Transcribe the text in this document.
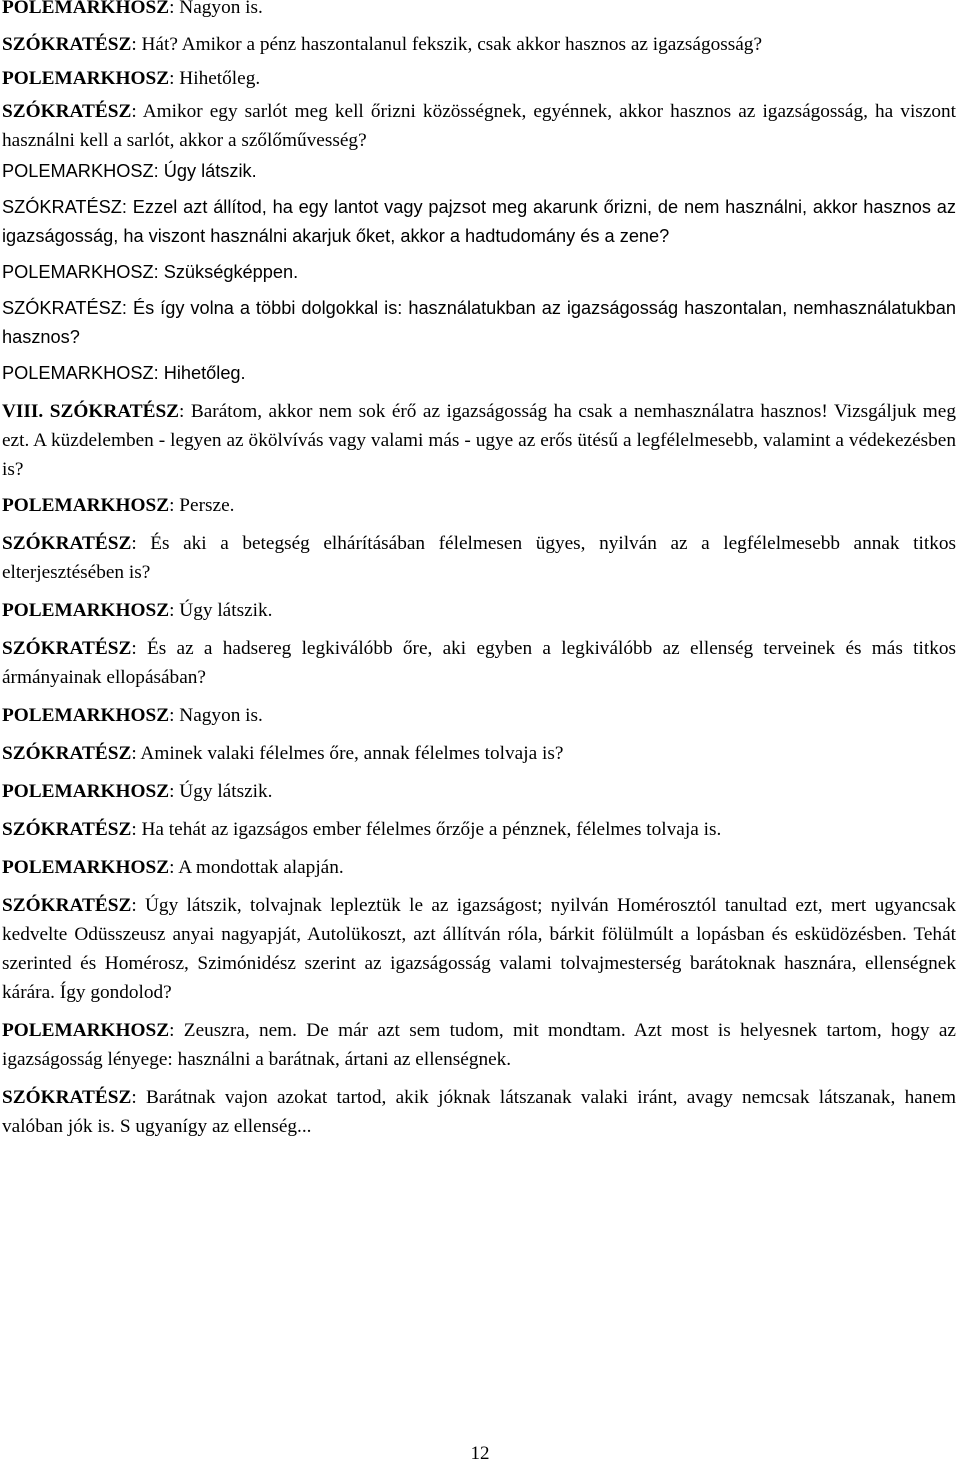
POLEMARKHOSZ: Nagyon is.

SZÓKRATÉSZ: Hát? Amikor a pénz haszontalanul fekszik, csak akkor hasznos az igazságosság?

POLEMARKHOSZ: Hihetőleg.

SZÓKRATÉSZ: Amikor egy sarlót meg kell őrizni közösségnek, egyénnek, akkor hasznos az igazságosság, ha viszont használni kell a sarlót, akkor a szőlőművesség?

POLEMARKHOSZ: Úgy látszik.

SZÓKRATÉSZ: Ezzel azt állítod, ha egy lantot vagy pajzsot meg akarunk őrizni, de nem használni, akkor hasznos az igazságosság, ha viszont használni akarjuk őket, akkor a hadtudomány és a zene?

POLEMARKHOSZ: Szükségképpen.

SZÓKRATÉSZ: És így volna a többi dolgokkal is: használatukban az igazságosság haszontalan, nemhasználatukban hasznos?

POLEMARKHOSZ: Hihetőleg.

VIII. SZÓKRATÉSZ: Barátom, akkor nem sok érő az igazságosság ha csak a nemhasználatra hasznos! Vizsgáljuk meg ezt. A küzdelemben - legyen az ökölvívás vagy valami más - ugye az erős ütésű a legfélelmesebb, valamint a védekezésben is?

POLEMARKHOSZ: Persze.

SZÓKRATÉSZ: És aki a betegség elhárításában félelmesen ügyes, nyilván az a legfélelmesebb annak titkos elterjesztésében is?

POLEMARKHOSZ: Úgy látszik.

SZÓKRATÉSZ: És az a hadsereg legkiválóbb őre, aki egyben a legkiválóbb az ellenség terveinek és más titkos ármányainak ellopásában?

POLEMARKHOSZ: Nagyon is.

SZÓKRATÉSZ: Aminek valaki félelmes őre, annak félelmes tolvaja is?

POLEMARKHOSZ: Úgy látszik.

SZÓKRATÉSZ: Ha tehát az igazságos ember félelmes őrzője a pénznek, félelmes tolvaja is.

POLEMARKHOSZ: A mondottak alapján.

SZÓKRATÉSZ: Úgy látszik, tolvajnak lepleztük le az igazságost; nyilván Homérosztól tanultad ezt, mert ugyancsak kedvelte Odüsszeusz anyai nagyapját, Autolükoszt, azt állítván róla, bárkit fölülmúlt a lopásban és esküdözésben. Tehát szerinted és Homérosz, Szimónidész szerint az igazságosság valami tolvajmesterség barátoknak hasznára, ellenségnek kárára. Így gondolod?

POLEMARKHOSZ: Zeuszra, nem. De már azt sem tudom, mit mondtam. Azt most is helyesnek tartom, hogy az igazságosság lényege: használni a barátnak, ártani az ellenségnek.

SZÓKRATÉSZ: Barátnak vajon azokat tartod, akik jóknak látszanak valaki iránt, avagy nemcsak látszanak, hanem valóban jók is. S ugyanígy az ellenség...

12
